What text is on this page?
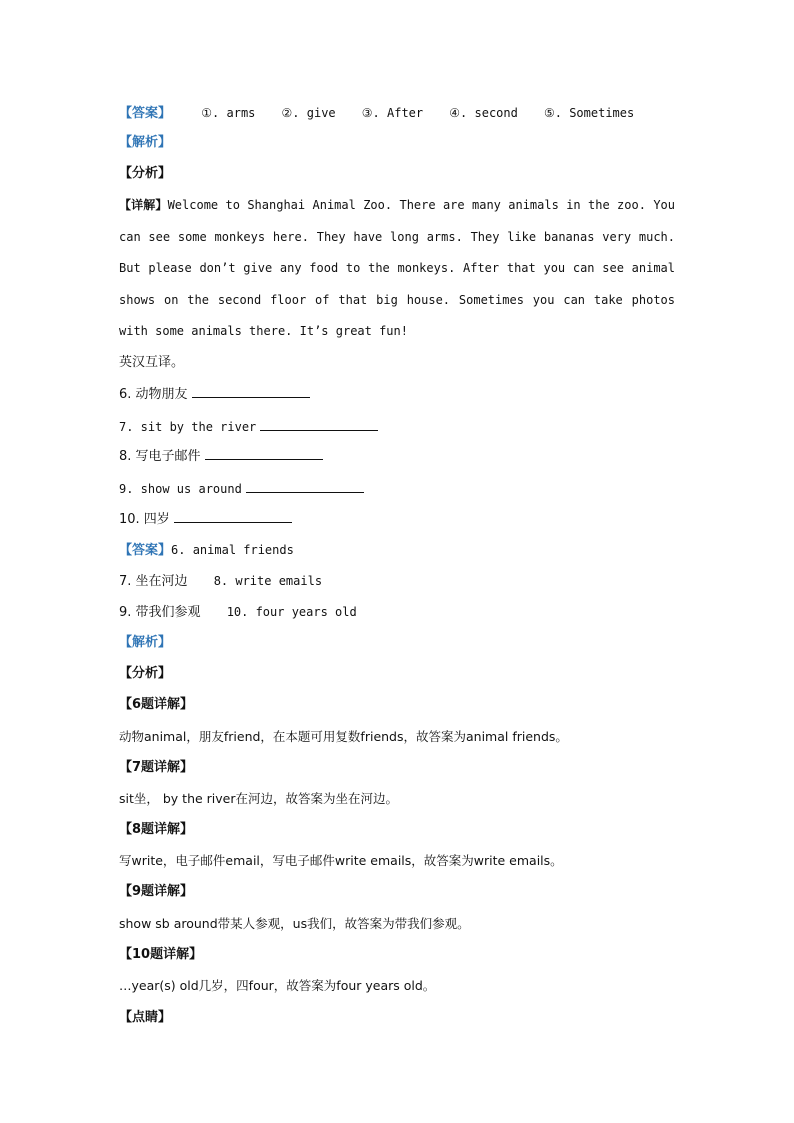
【答案】	①. arms ②. give ③. After ④. second ⑤. Sometimes
【解析】
【分析】
【详解】Welcome to Shanghai Animal Zoo. There are many animals in the zoo. You can see some monkeys here. They have long arms. They like bananas very much. But please don’t give any food to the monkeys. After that you can see animal shows on the second floor of that big house. Sometimes you can take photos with some animals there. It’s great fun!
英汉互译。
6. 动物朋友
7. sit by the river
8. 写电子邮件
9. show us around
10. 四岁
【答案】6. animal friends
7. 坐在河边 8. write emails
9. 带我们参观 10. four years old
【解析】
【分析】
【6题详解】
动物animal，朋友friend，在本题可用复数friends，故答案为animal friends。
【7题详解】
sit坐， by the river在河边，故答案为坐在河边。
【8题详解】
写write，电子邮件email，写电子邮件write emails，故答案为write emails。
【9题详解】
show sb around带某人参观，us我们，故答案为带我们参观。
【10题详解】
…year(s) old几岁，四four，故答案为four years old。
【点睛】
